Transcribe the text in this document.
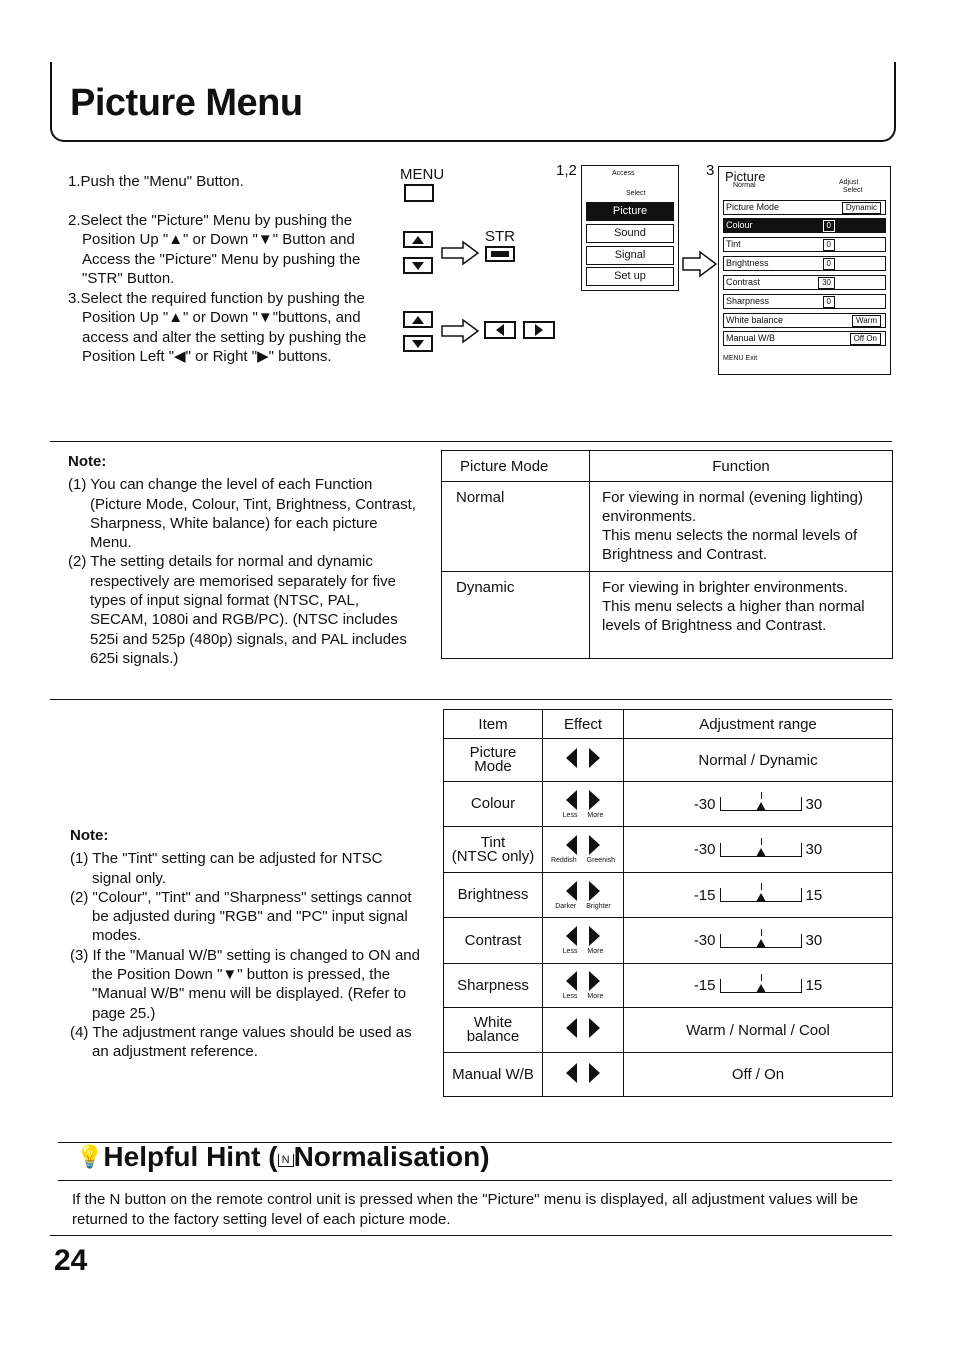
Picture Menu

1.Push the "Menu" Button.

2.Select the "Picture" Menu by pushing the

Position Up "▲" or Down "▼" Button and Access the "Picture" Menu by pushing the "STR" Button.

3.Select the required function by pushing the

Position Up "▲" or Down "▼"buttons, and access and alter the setting by pushing the Position Left "◀" or Right "▶" buttons.

MENU
STR
1,2	Access
Select
Picture
Sound
Signal
Set up
3 Picture
Normal	Adjust
Select
Picture Mode	Dynamic
Colour	0
Tint	0
Brightness	0
Contrast	30
Sharpness	0
White balance	Warm
Manual W/B	Off On
MENU Exit
Note:

(1) You can change the level of each Function (Picture Mode, Colour, Tint, Brightness, Contrast, Sharpness, White balance) for each picture Menu.

(2) The setting details for normal and dynamic respectively are memorised separately for five types of input signal format (NTSC, PAL, SECAM, 1080i and RGB/PC). (NTSC includes 525i and 525p (480p) signals, and PAL includes 625i signals.)

Picture Mode	Function
Normal	For viewing in normal (evening lighting) environments.
This menu selects the normal levels of Brightness and Contrast.
Dynamic	For viewing in brighter environments.
This menu selects a higher than normal levels of Brightness and Contrast.
Note:

(1) The "Tint" setting can be adjusted for NTSC signal only.

(2) "Colour", "Tint" and "Sharpness" settings cannot be adjusted during "RGB" and "PC" input signal modes.

(3) If the "Manual W/B" setting is changed to ON and the Position Down "▼" button is pressed, the "Manual W/B" menu will be displayed. (Refer to page 25.)

(4) The adjustment range values should be used as an adjustment reference.

Item	Effect	Adjustment range
Picture
Mode		Normal / Dynamic
Colour	Less More	-30 30

Tint
(NTSC only)	Reddish Greenish	-30 30

Brightness	Darker Brighter	-15 15

Contrast	Less More	-30 30

Sharpness	Less More	-15 15

White
balance		Warm / Normal / Cool
Manual W/B		Off / On
💡Helpful Hint ( N Normalisation)
If the N button on the remote control unit is pressed when the "Picture" menu is displayed, all adjustment values will be returned to the factory setting level of each picture mode.
24
